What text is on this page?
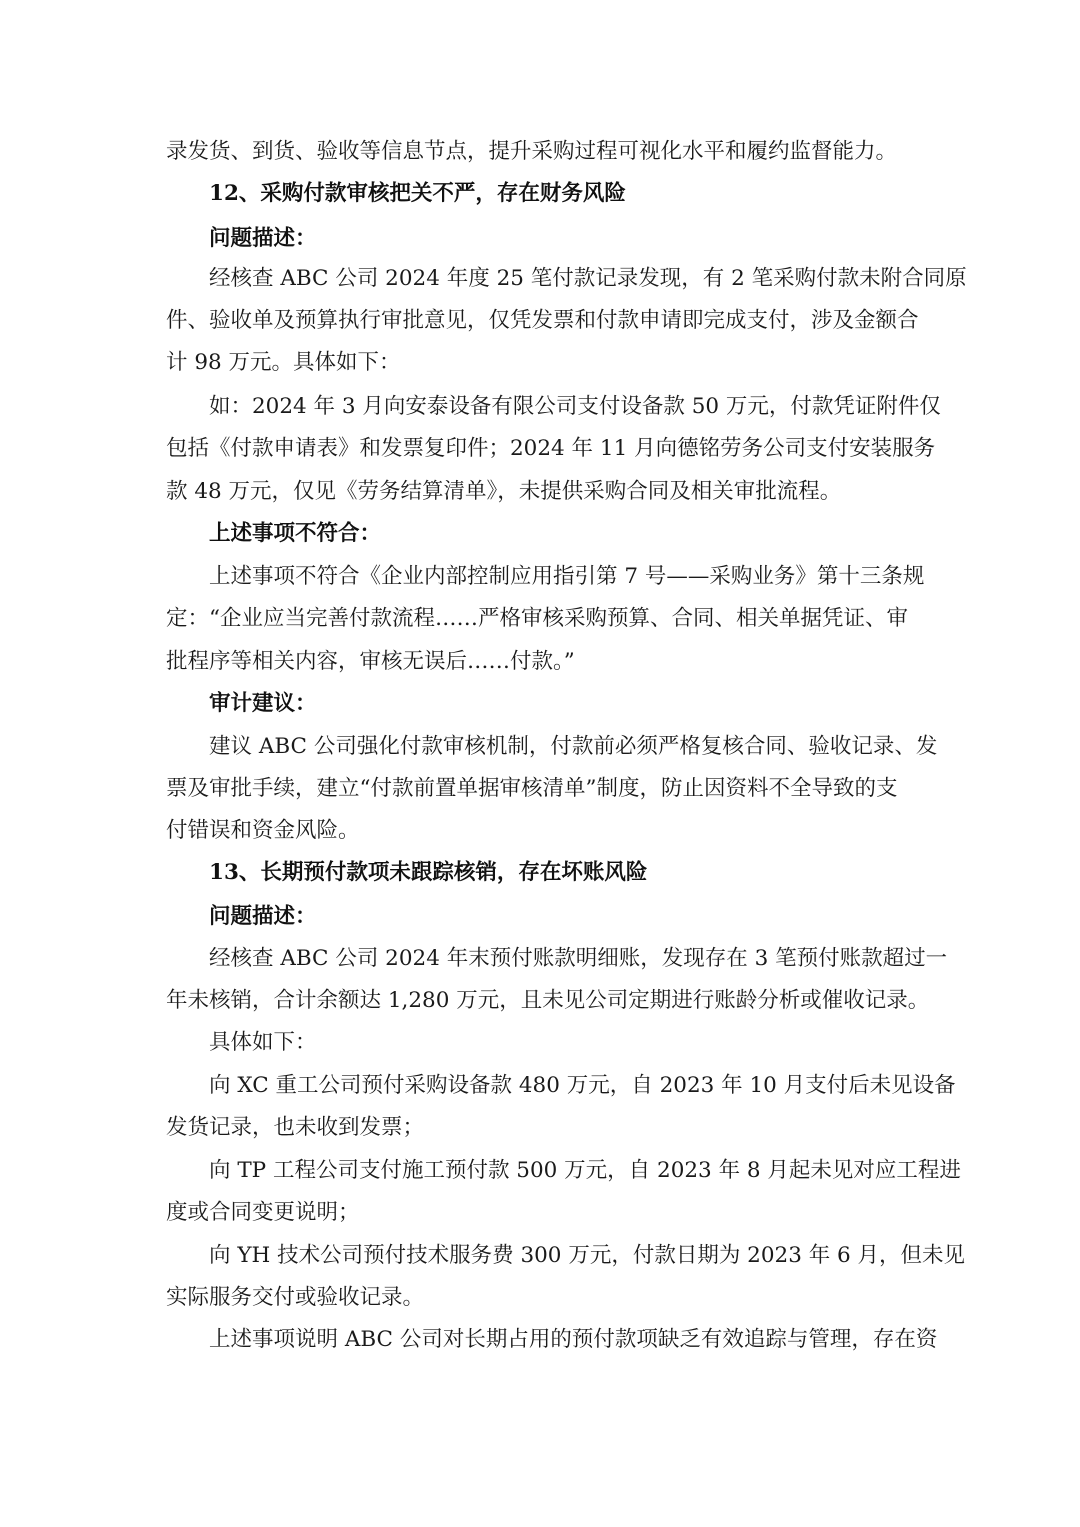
录发货、到货、验收等信息节点，提升采购过程可视化水平和履约监督能力。
12、采购付款审核把关不严，存在财务风险
问题描述：
经核查 ABC 公司 2024 年度 25 笔付款记录发现，有 2 笔采购付款未附合同原
件、验收单及预算执行审批意见，仅凭发票和付款申请即完成支付，涉及金额合
计 98 万元。具体如下：
如：2024 年 3 月向安泰设备有限公司支付设备款 50 万元，付款凭证附件仅
包括《付款申请表》和发票复印件；2024 年 11 月向德铭劳务公司支付安装服务
款 48 万元，仅见《劳务结算清单》，未提供采购合同及相关审批流程。
上述事项不符合：
上述事项不符合《企业内部控制应用指引第 7 号——采购业务》第十三条规
定：“企业应当完善付款流程……严格审核采购预算、合同、相关单据凭证、审
批程序等相关内容，审核无误后……付款。”
审计建议：
建议 ABC 公司强化付款审核机制，付款前必须严格复核合同、验收记录、发
票及审批手续，建立“付款前置单据审核清单”制度，防止因资料不全导致的支
付错误和资金风险。
13、长期预付款项未跟踪核销，存在坏账风险
问题描述：
经核查 ABC 公司 2024 年末预付账款明细账，发现存在 3 笔预付账款超过一
年未核销，合计余额达 1,280 万元，且未见公司定期进行账龄分析或催收记录。
具体如下：
向 XC 重工公司预付采购设备款 480 万元，自 2023 年 10 月支付后未见设备
发货记录，也未收到发票；
向 TP 工程公司支付施工预付款 500 万元，自 2023 年 8 月起未见对应工程进
度或合同变更说明；
向 YH 技术公司预付技术服务费 300 万元，付款日期为 2023 年 6 月，但未见
实际服务交付或验收记录。
上述事项说明 ABC 公司对长期占用的预付款项缺乏有效追踪与管理，存在资
